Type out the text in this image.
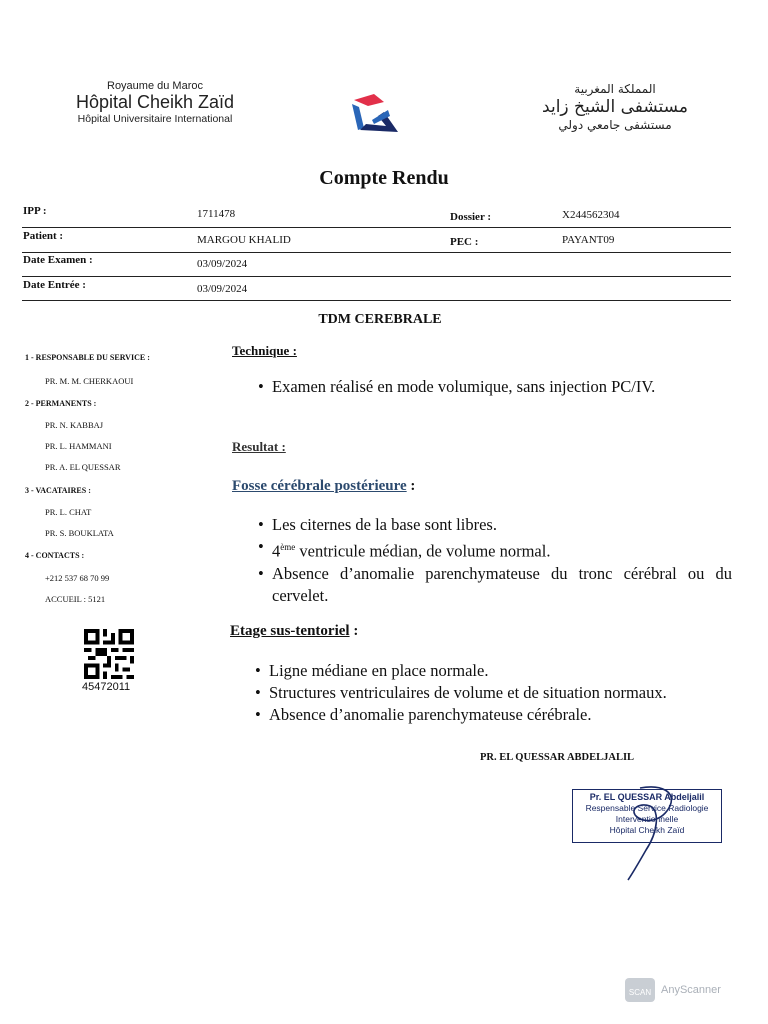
Royaume du Maroc
Hôpital Cheikh Zaïd
Hôpital Universitaire International
المملكة المغربية
مستشفى الشيخ زايد
مستشفى جامعي دولي
Compte Rendu
IPP :	1711478	Dossier :	X244562304
Patient :	MARGOU KHALID	PEC :	PAYANT09
Date Examen :	03/09/2024
Date Entrée :	03/09/2024
TDM CEREBRALE
1 - RESPONSABLE DU SERVICE :
PR. M. M. CHERKAOUI
2 - PERMANENTS :
PR. N. KABBAJ
PR. L. HAMMANI
PR. A. EL QUESSAR
3 - VACATAIRES :
PR. L. CHAT
PR. S. BOUKLATA
4 - CONTACTS :
+212 537 68 70 99
ACCUEIL : 5121
45472011
Technique :
• Examen réalisé en mode volumique, sans injection PC/IV.
Resultat :
Fosse cérébrale postérieure :
• Les citernes de la base sont libres.
• 4ème ventricule médian, de volume normal.
• Absence d’anomalie parenchymateuse du tronc cérébral ou du cervelet.
Etage sus-tentoriel :
• Ligne médiane en place normale.
• Structures ventriculaires de volume et de situation normaux.
• Absence d’anomalie parenchymateuse cérébrale.
PR. EL QUESSAR ABDELJALIL
Pr. EL QUESSAR Abdeljalil
Respensable Service Radiologie
Interventionnelle
Hôpital Cheikh Zaïd
SCAN AnyScanner
